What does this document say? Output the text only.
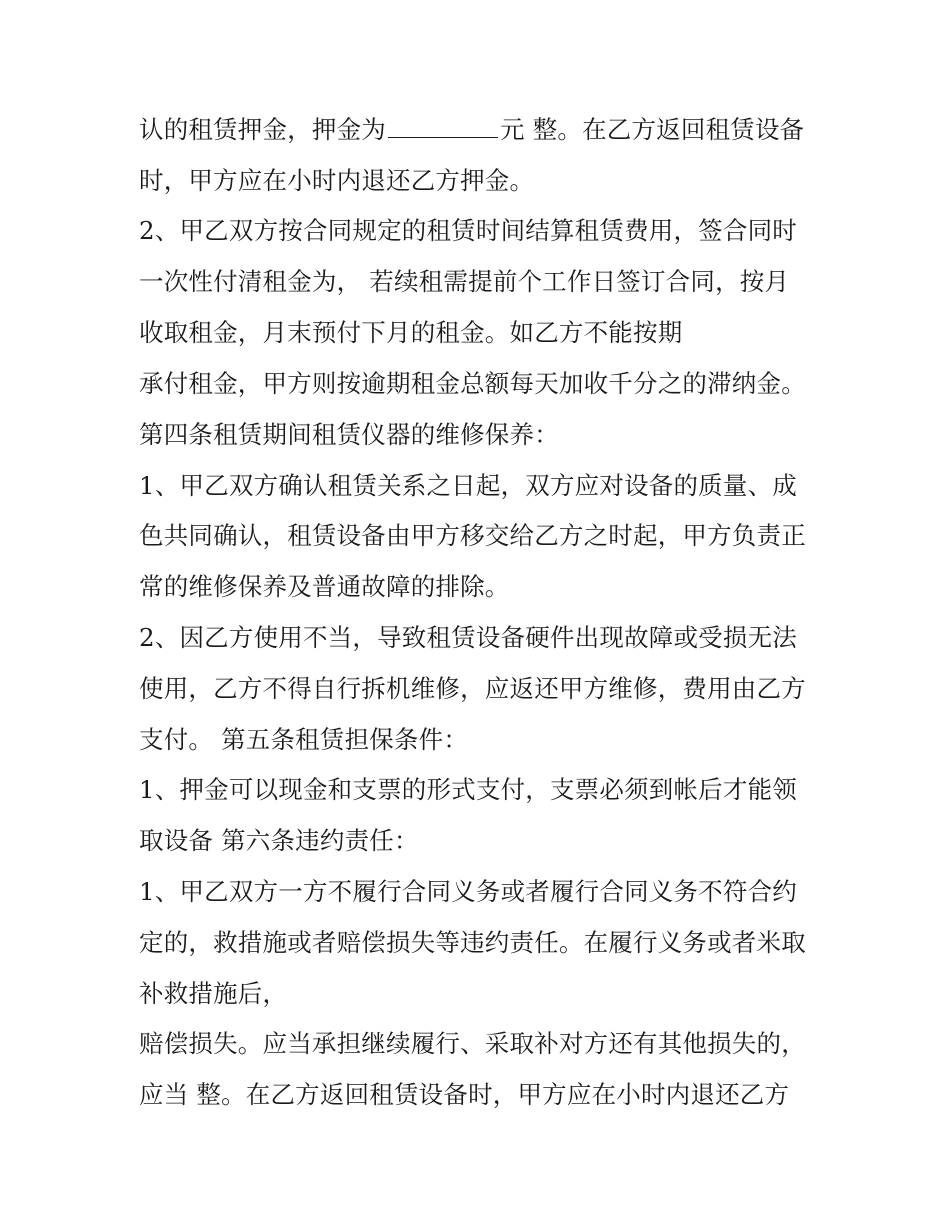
认的租赁押金，押金为	元 整。在乙方返回租赁设备
时，甲方应在小时内退还乙方押金。
2、甲乙双方按合同规定的租赁时间结算租赁费用，签合同时
一次性付清租金为， 若续租需提前个工作日签订合同，按月
收取租金，月末预付下月的租金。如乙方不能按期
承付租金，甲方则按逾期租金总额每天加收千分之的滞纳金。
第四条租赁期间租赁仪器的维修保养：
1、甲乙双方确认租赁关系之日起，双方应对设备的质量、成
色共同确认，租赁设备由甲方移交给乙方之时起，甲方负责正
常的维修保养及普通故障的排除。
2、因乙方使用不当，导致租赁设备硬件出现故障或受损无法
使用，乙方不得自行拆机维修，应返还甲方维修，费用由乙方
支付。 第五条租赁担保条件：
1、押金可以现金和支票的形式支付，支票必须到帐后才能领
取设备 第六条违约责任：
1、甲乙双方一方不履行合同义务或者履行合同义务不符合约
定的，救措施或者赔偿损失等违约责任。在履行义务或者米取
补救措施后，
赔偿损失。应当承担继续履行、采取补对方还有其他损失的，
应当 整。在乙方返回租赁设备时，甲方应在小时内退还乙方
